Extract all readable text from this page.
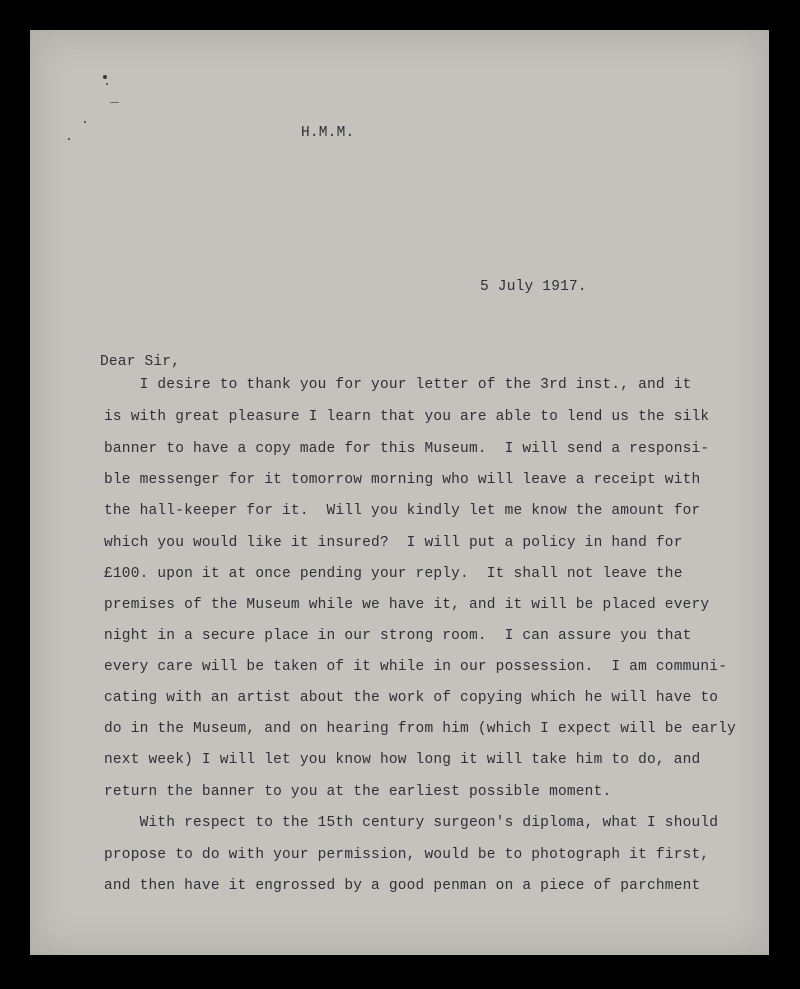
H.M.M.
5 July 1917.
Dear Sir,
I desire to thank you for your letter of the 3rd inst., and it
is with great pleasure I learn that you are able to lend us the silk
banner to have a copy made for this Museum.  I will send a responsi-
ble messenger for it tomorrow morning who will leave a receipt with
the hall-keeper for it.  Will you kindly let me know the amount for
which you would like it insured?  I will put a policy in hand for
£100. upon it at once pending your reply.  It shall not leave the
premises of the Museum while we have it, and it will be placed every
night in a secure place in our strong room.  I can assure you that
every care will be taken of it while in our possession.  I am communi-
cating with an artist about the work of copying which he will have to
do in the Museum, and on hearing from him (which I expect will be early
next week) I will let you know how long it will take him to do, and
return the banner to you at the earliest possible moment.
With respect to the 15th century surgeon's diploma, what I should
propose to do with your permission, would be to photograph it first,
and then have it engrossed by a good penman on a piece of parchment
